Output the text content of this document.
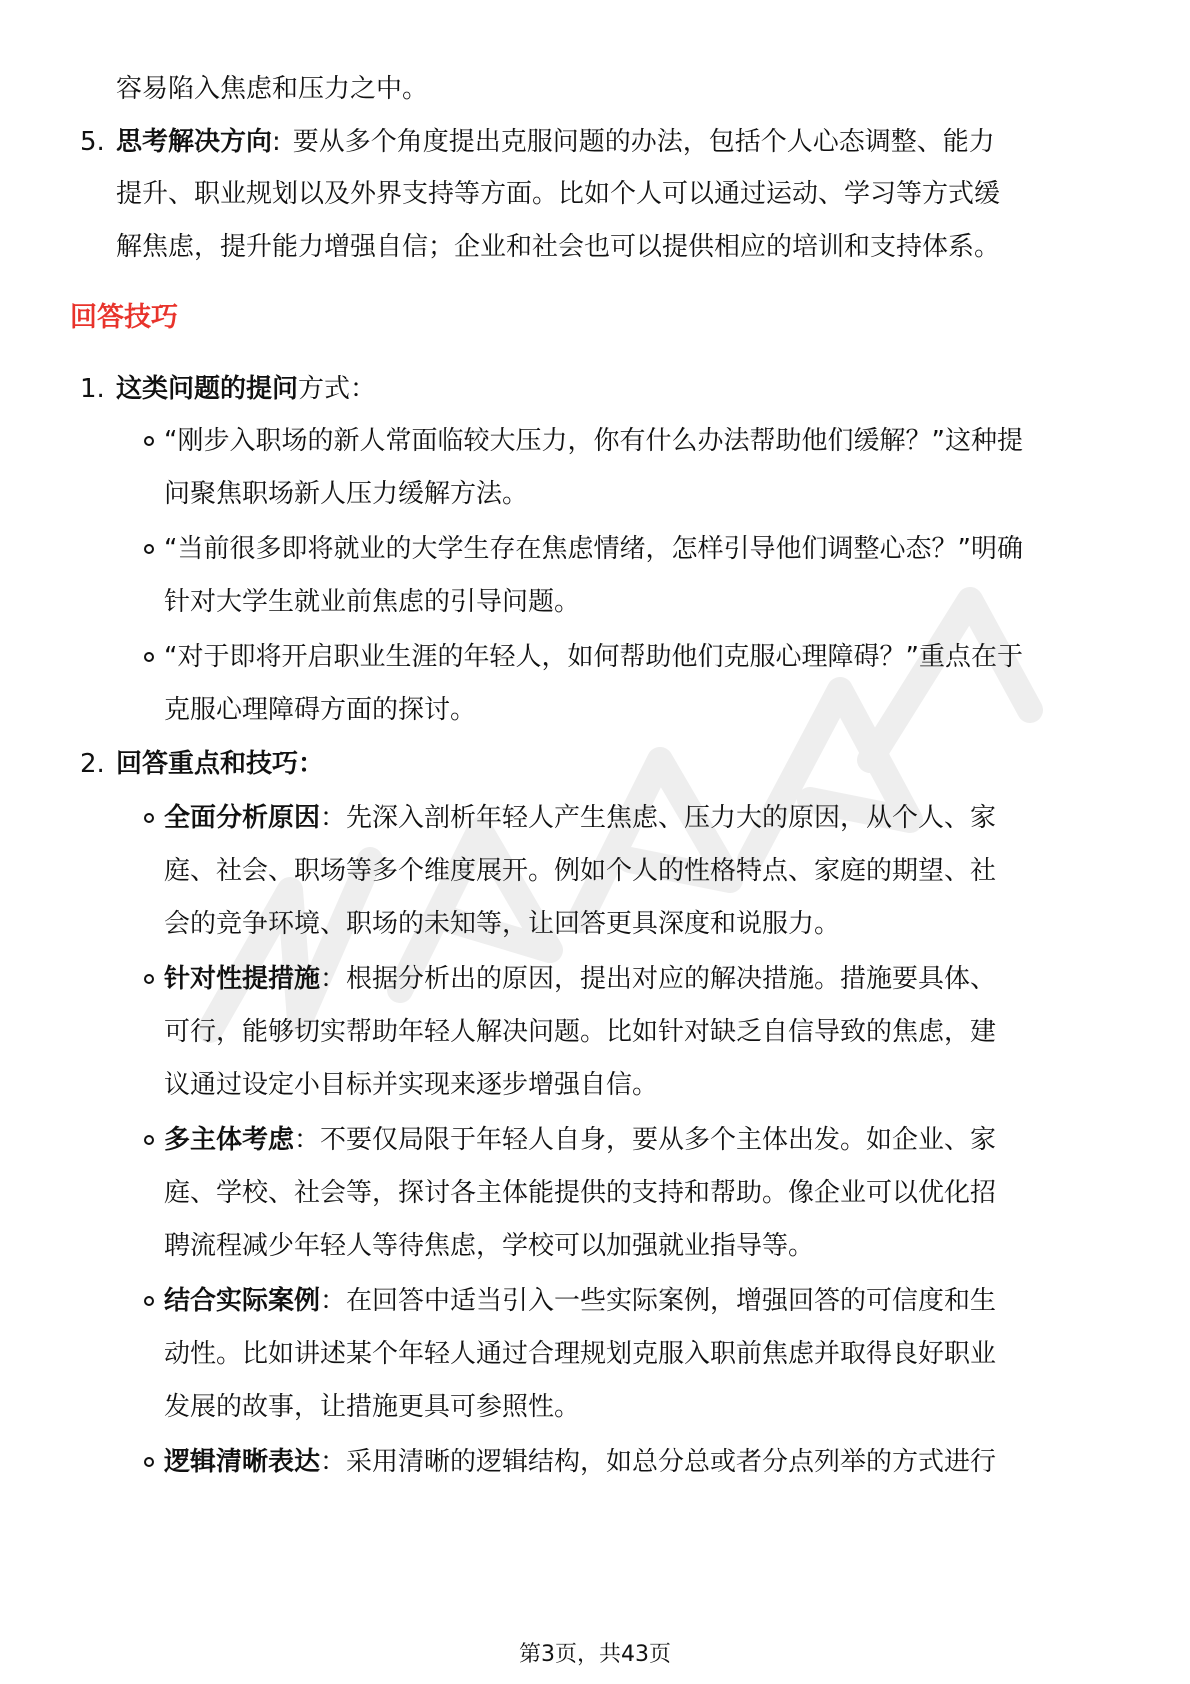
容易陷入焦虑和压力之中。
5. 思考解决方向: 要从多个角度提出克服问题的办法，包括个人心态调整、能力
提升、职业规划以及外界支持等方面。比如个人可以通过运动、学习等方式缓
解焦虑，提升能力增强自信；企业和社会也可以提供相应的培训和支持体系。
回答技巧
1. 这类问题的提问方式：
“刚步入职场的新人常面临较大压力，你有什么办法帮助他们缓解？”这种提
问聚焦职场新人压力缓解方法。
“当前很多即将就业的大学生存在焦虑情绪，怎样引导他们调整心态？”明确
针对大学生就业前焦虑的引导问题。
“对于即将开启职业生涯的年轻人，如何帮助他们克服心理障碍？”重点在于
克服心理障碍方面的探讨。
2. 回答重点和技巧：
全面分析原因：先深入剖析年轻人产生焦虑、压力大的原因，从个人、家
庭、社会、职场等多个维度展开。例如个人的性格特点、家庭的期望、社
会的竞争环境、职场的未知等，让回答更具深度和说服力。
针对性提措施：根据分析出的原因，提出对应的解决措施。措施要具体、
可行，能够切实帮助年轻人解决问题。比如针对缺乏自信导致的焦虑，建
议通过设定小目标并实现来逐步增强自信。
多主体考虑：不要仅局限于年轻人自身，要从多个主体出发。如企业、家
庭、学校、社会等，探讨各主体能提供的支持和帮助。像企业可以优化招
聘流程减少年轻人等待焦虑，学校可以加强就业指导等。
结合实际案例：在回答中适当引入一些实际案例，增强回答的可信度和生
动性。比如讲述某个年轻人通过合理规划克服入职前焦虑并取得良好职业
发展的故事，让措施更具可参照性。
逻辑清晰表达：采用清晰的逻辑结构，如总分总或者分点列举的方式进行
第3页，共43页
